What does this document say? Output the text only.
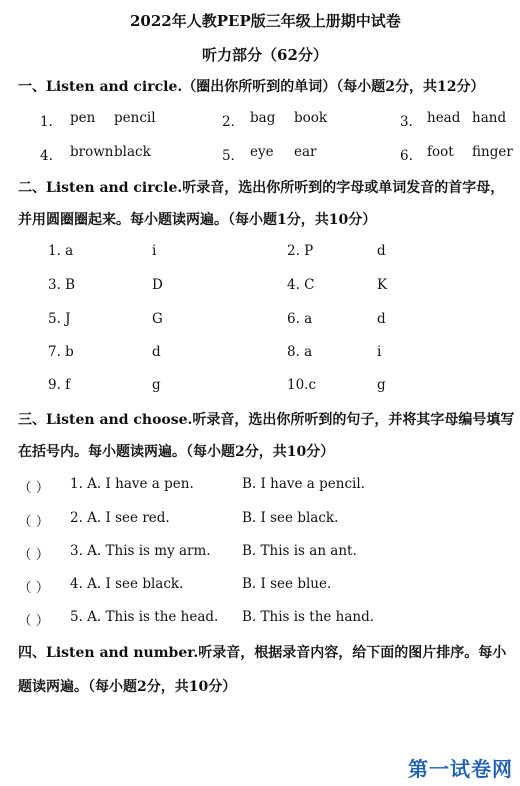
2022年人教PEP版三年级上册期中试卷
听力部分（62分）
一、Listen and circle.（圈出你所听到的单词）（每小题2分，共12分）
1． pen pencil	2． bag book	3． head hand
4． brown black	5． eye ear	6． foot finger
二、Listen and circle.听录音，选出你所听到的字母或单词发音的首字母，
并用圆圈圈起来。每小题读两遍。（每小题1分，共10分）
1. a	i	2. P	d
3. B	D	4. C	K
5. J	G	6. a	d
7. b	d	8. a	i
9. f	g	10.c	g
三、Listen and choose.听录音，选出你所听到的句子，并将其字母编号填写
在括号内。每小题读两遍。（每小题2分，共10分）
（ ） 1. A. I have a pen.	B. I have a pencil.
（ ） 2. A. I see red.	B. I see black.
（ ） 3. A. This is my arm. B. This is an ant.
（ ） 4. A. I see black.	B. I see blue.
（ ） 5. A. This is the head. B. This is the hand.
四、Listen and number.听录音，根据录音内容，给下面的图片排序。每小
题读两遍。（每小题2分，共10分）
第一试卷网
